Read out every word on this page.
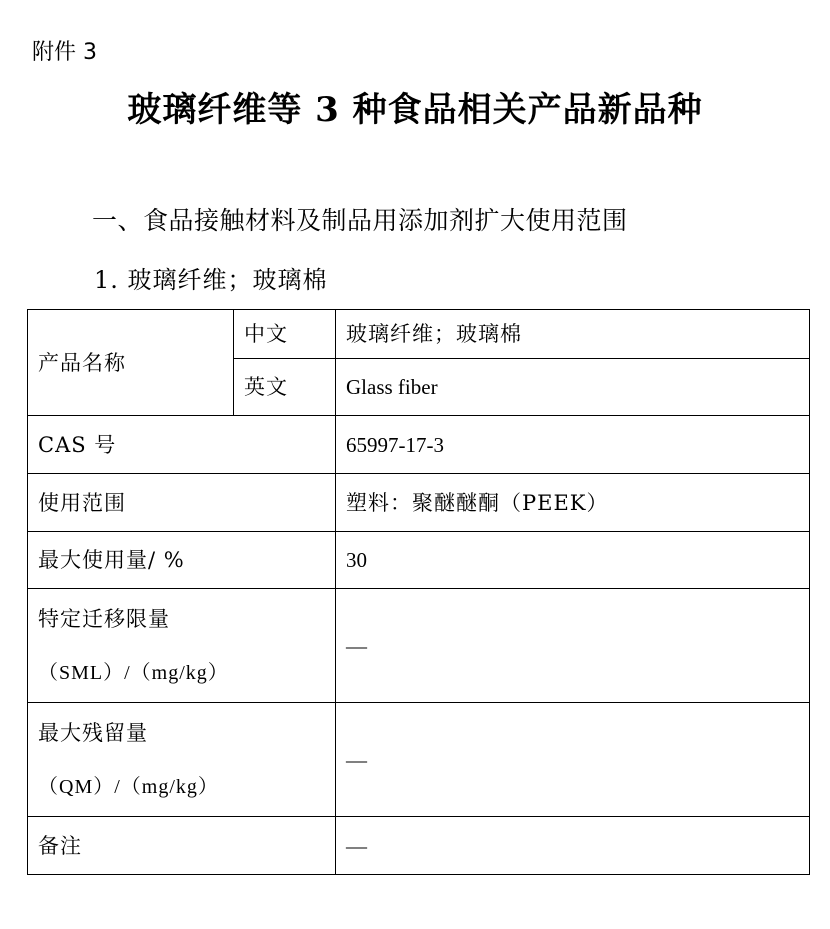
附件 3
玻璃纤维等 3 种食品相关产品新品种
一、食品接触材料及制品用添加剂扩大使用范围
1. 玻璃纤维；玻璃棉
产品名称	中文	玻璃纤维；玻璃棉
	英文	Glass fiber
CAS 号		65997-17-3
使用范围		塑料：聚醚醚酮（PEEK）
最大使用量/ %		30

特定迁移限量
（SML）/（mg/kg）		—

最大残留量
（QM）/（mg/kg）		—
备注		—
